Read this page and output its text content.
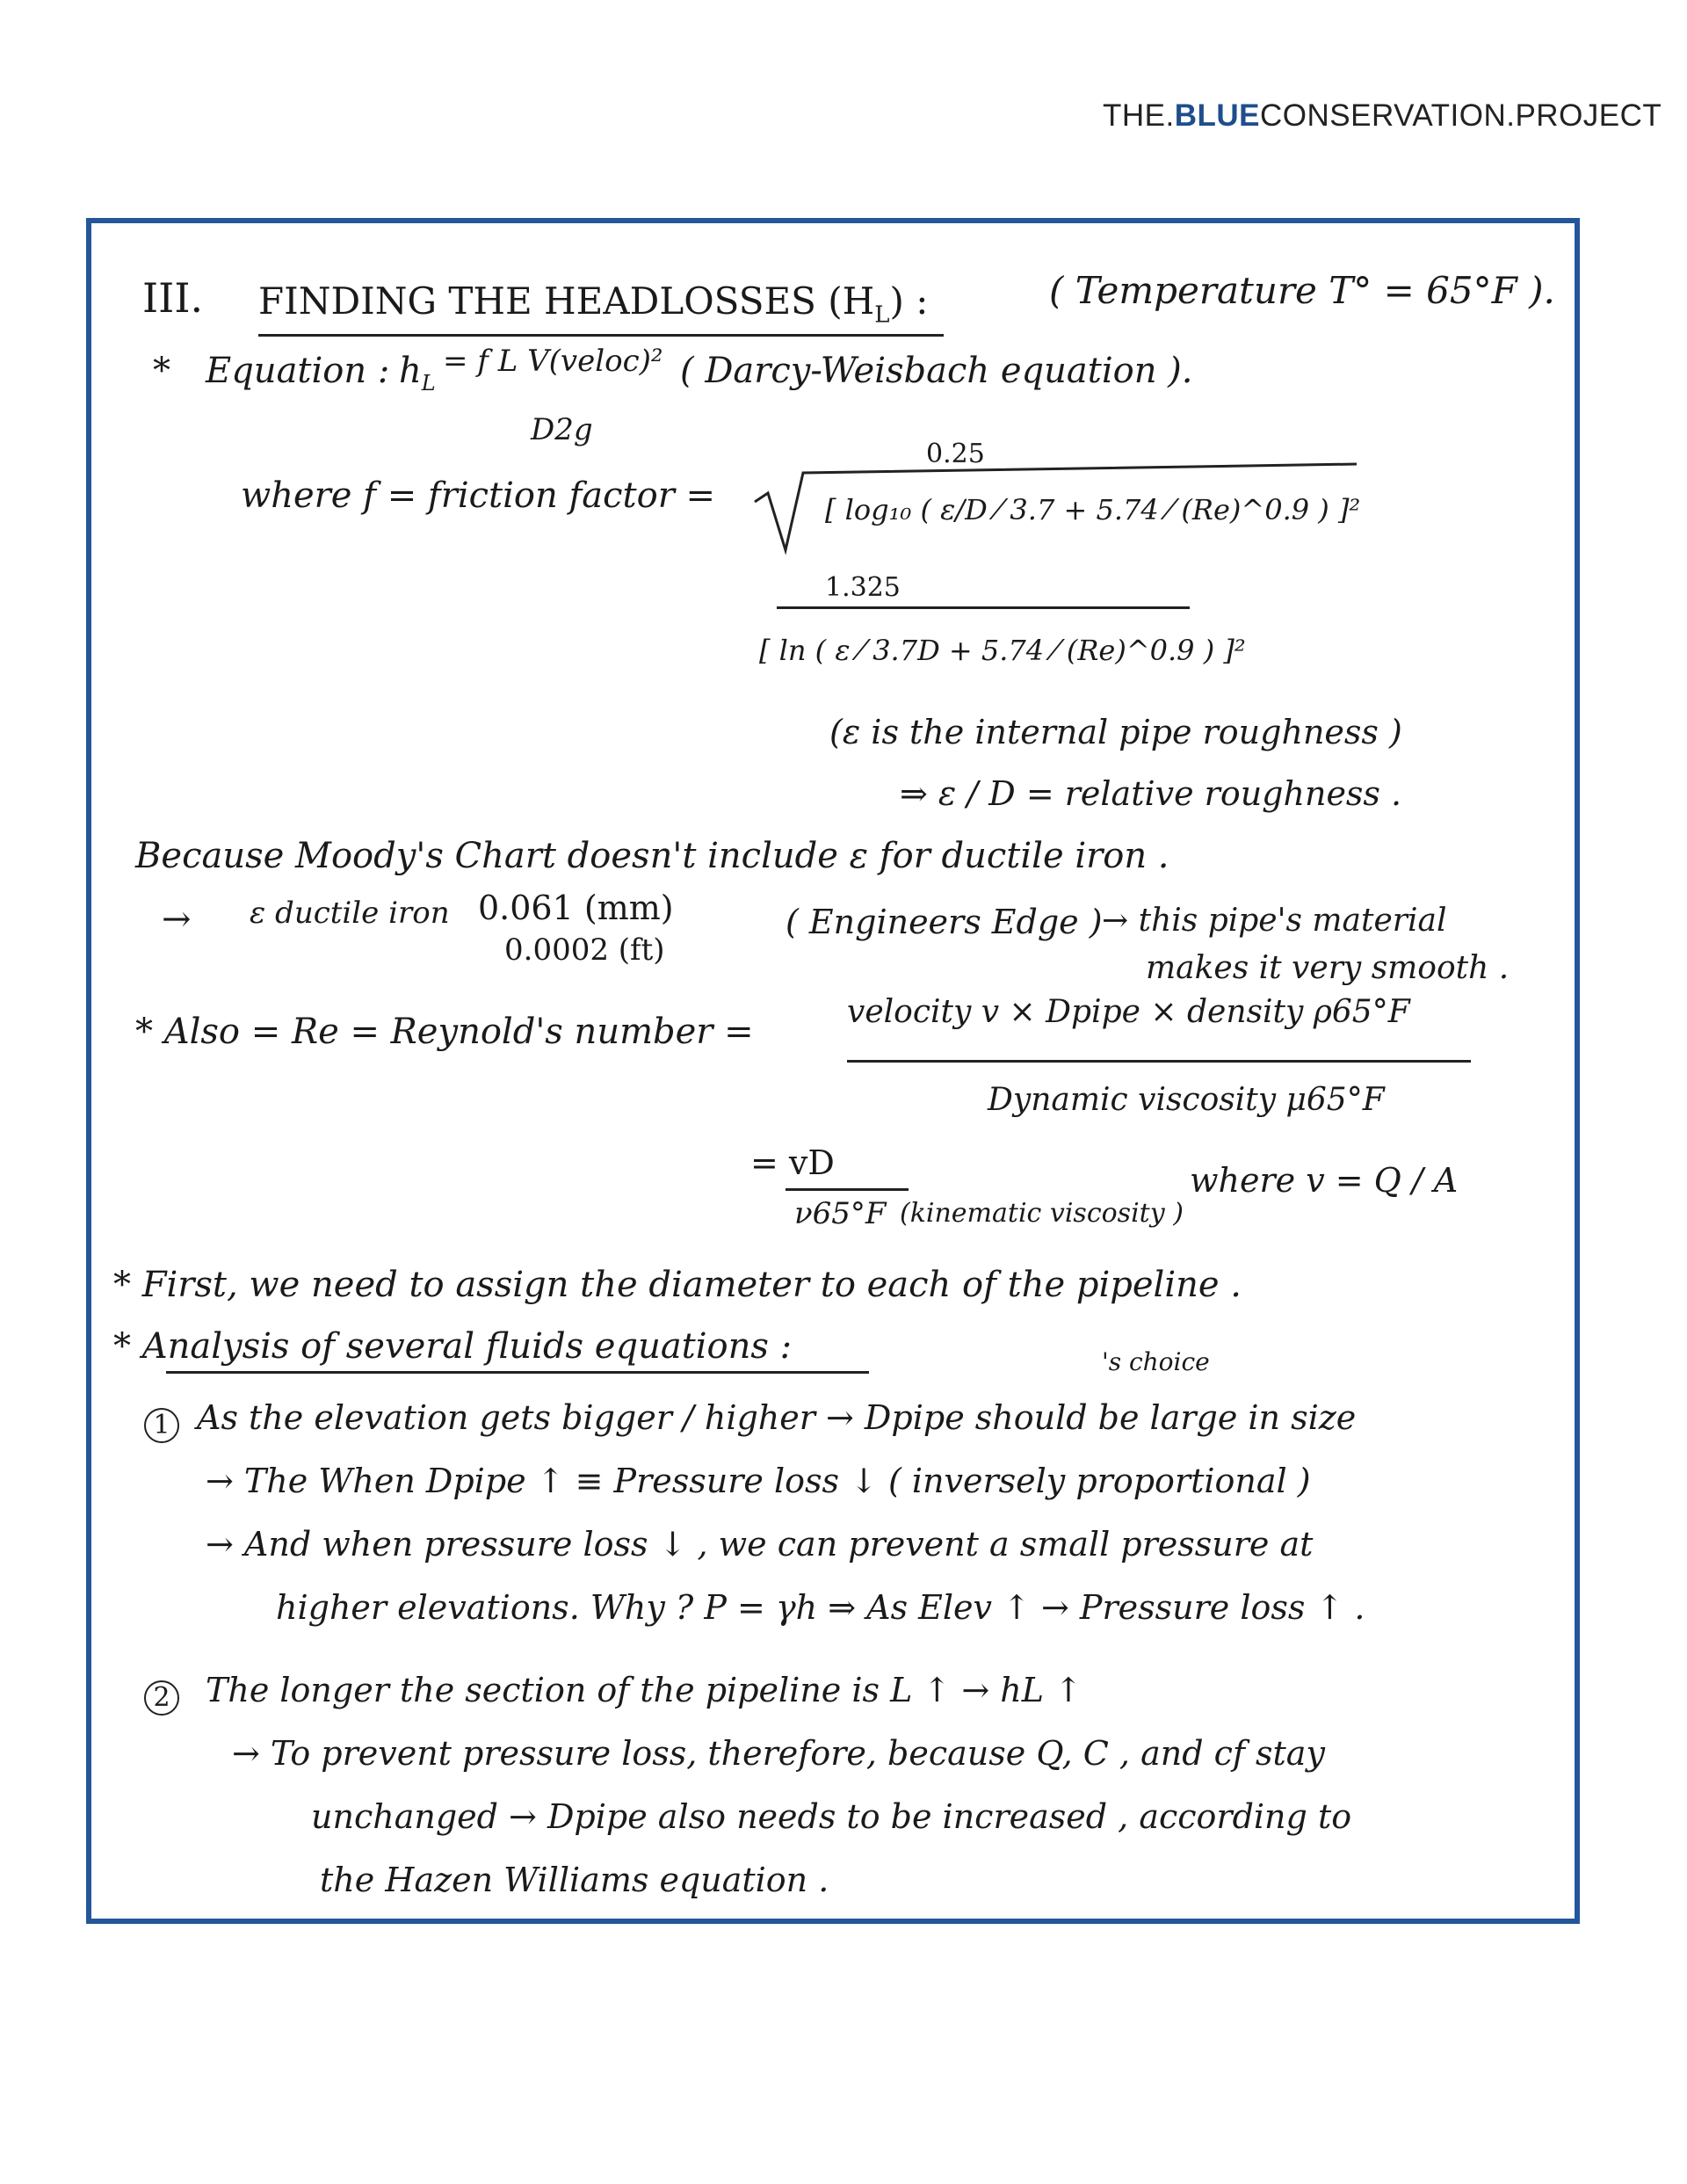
THE.BLUECONSERVATION.PROJECT
III. FINDING THE HEADLOSSES $(H_L)$ :	( Temperature T° = 65°F ).
* Equation : $h_L$
= f L V(veloc)²
D2g
( Darcy-Weisbach equation ).
where f = friction factor =
0.25
[ log₁₀ ( ε/D ⁄ 3.7 + 5.74 ⁄ (Re)^0.9 ) ]²
1.325
[ ln ( ε ⁄ 3.7D + 5.74 ⁄ (Re)^0.9 ) ]²
(ε is the internal pipe roughness )
⇒ ε / D = relative roughness .
Because Moody's Chart doesn't include ε for ductile iron .
→ ε ductile iron 0.061 (mm)
0.0002 (ft)
( Engineers Edge ) → this pipe's material
makes it very smooth .
* Also = Re = Reynold's number =	velocity v × Dpipe × density ρ65°F
Dynamic viscosity μ65°F
= vD
ν65°F (kinematic viscosity )
where v = Q / A
* First, we need to assign the diameter to each of the pipeline .
* Analysis of several fluids equations :
1
's choice
As the elevation gets bigger / higher → Dpipe should be large in size
→ The When Dpipe ↑ ≡ Pressure loss ↓ ( inversely proportional )
→ And when pressure loss ↓ , we can prevent a small pressure at
higher elevations. Why ? P = γh ⇒ As Elev ↑ → Pressure loss ↑ .
2 The longer the section of the pipeline is L ↑ → hL ↑
→ To prevent pressure loss, therefore, because Q, C , and cf stay
unchanged → Dpipe also needs to be increased , according to
the Hazen Williams equation .
